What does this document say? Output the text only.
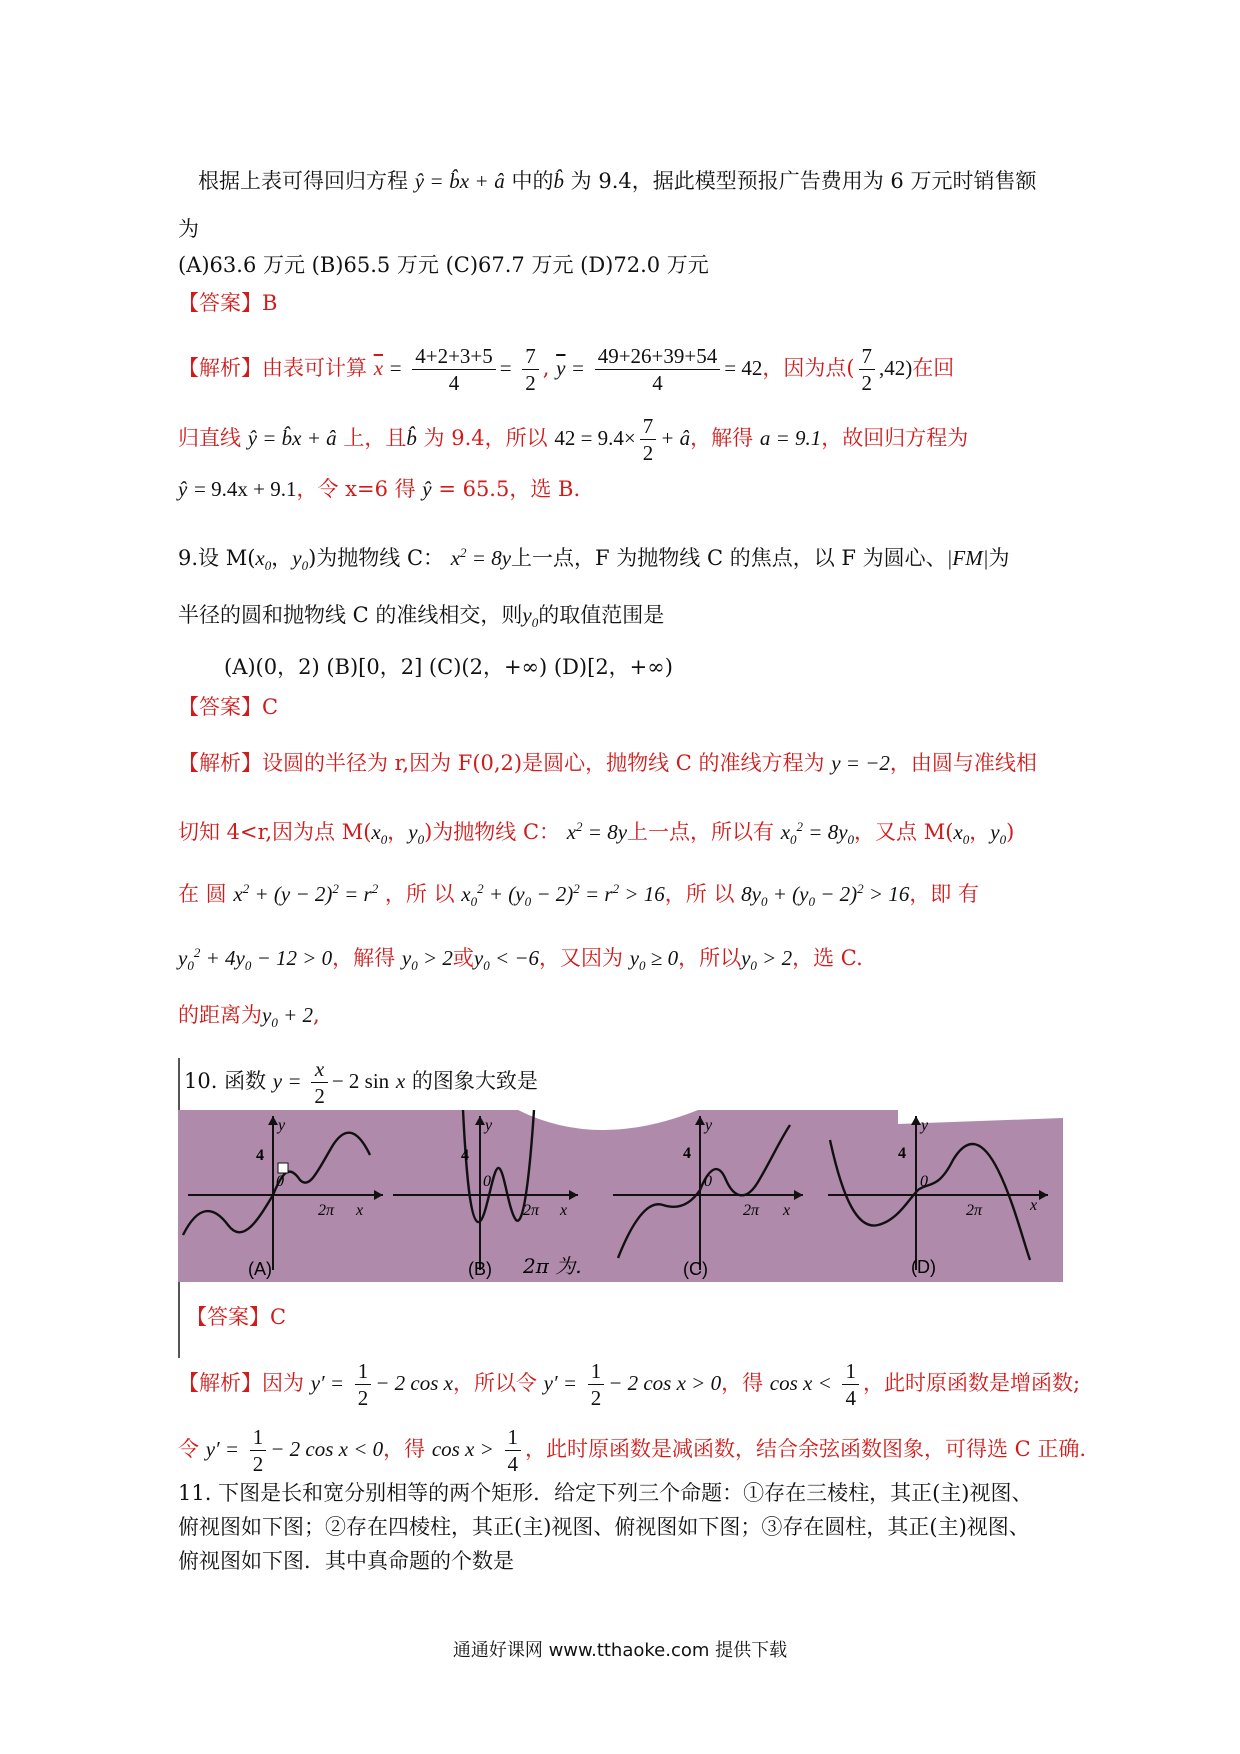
根据上表可得回归方程 ŷ = b̂x + â 中的b̂ 为 9.4，据此模型预报广告费用为 6 万元时销售额
为
(A)63.6 万元 (B)65.5 万元 (C)67.7 万元 (D)72.0 万元
【答案】B
【解析】由表可计算 $\overline{x} = \frac{4+2+3+5}{4} = \frac{7}{2}$ , $\overline{y} = \frac{49+26+39+54}{4} = 42$，因为点( $\frac{7}{2} ,42$)在回
归直线 ŷ = b̂x + â 上，且b̂ 为 9.4，所以 $42 = 9.4\times \frac{7}{2}$ + â，解得 a = 9.1，故回归方程为
ŷ = 9.4x + 9.1，令 x=6 得 ŷ = 65.5，选 B.
9.设 $M(x_0$，$y_0$)为抛物线 C： $x^2 = 8y$上一点，F 为抛物线 C 的焦点，以 F 为圆心、|FM|为
半径的圆和抛物线 C 的准线相交，则$y_0$的取值范围是
(A)(0，2) (B)[0，2] (C)(2，+∞) (D)[2，+∞)
【答案】C
【解析】设圆的半径为 r,因为 F(0,2)是圆心，抛物线 C 的准线方程为 y = −2，由圆与准线相
切知 4<r,因为点 $M(x_0$，$y_0$)为抛物线 C： $x^2 = 8y$上一点，所以有 $x_0^2 = 8y_0$，又点 $M(x_0$，$y_0$)
在 圆 $x^2 + (y - 2)^2 = r^2$ ，所 以 $x_0^2 + (y_0 - 2)^2 = r^2 > 16$，所 以 $8y_0 + (y_0 - 2)^2 > 16$，即 有
$y_0^2 + 4y_0 - 12 > 0$，解得 $y_0 > 2$或$y_0 < -6$，又因为 $y_0 \ge 0$，所以$y_0 > 2$，选 C.
的距离为$y_0 + 2$,
10. 函数 $y = \frac{x}{2} - 2$ sin x 的图象大致是
y
4
0
2π x
(A)
y
4
0
2π x
(B) 2π 为.
y
4
0
2π x
(C)
y
4
0
2π	x
(D)
【答案】C
【解析】因为 $y' = \frac{1}{2} - 2$ cos x，所以令 $y' = \frac{1}{2} - 2$ cos x > 0，得 $\cos x < \frac{1}{4}$ ，此时原函数是增函数;
令 $y' = \frac{1}{2} - 2$ cos x < 0，得 $\cos x > \frac{1}{4}$ ，此时原函数是减函数，结合余弦函数图象，可得选 C 正确.
11. 下图是长和宽分别相等的两个矩形．给定下列三个命题：①存在三棱柱，其正(主)视图、
俯视图如下图；②存在四棱柱，其正(主)视图、俯视图如下图；③存在圆柱，其正(主)视图、
俯视图如下图．其中真命题的个数是
通通好课网 www.tthaoke.com 提供下载
